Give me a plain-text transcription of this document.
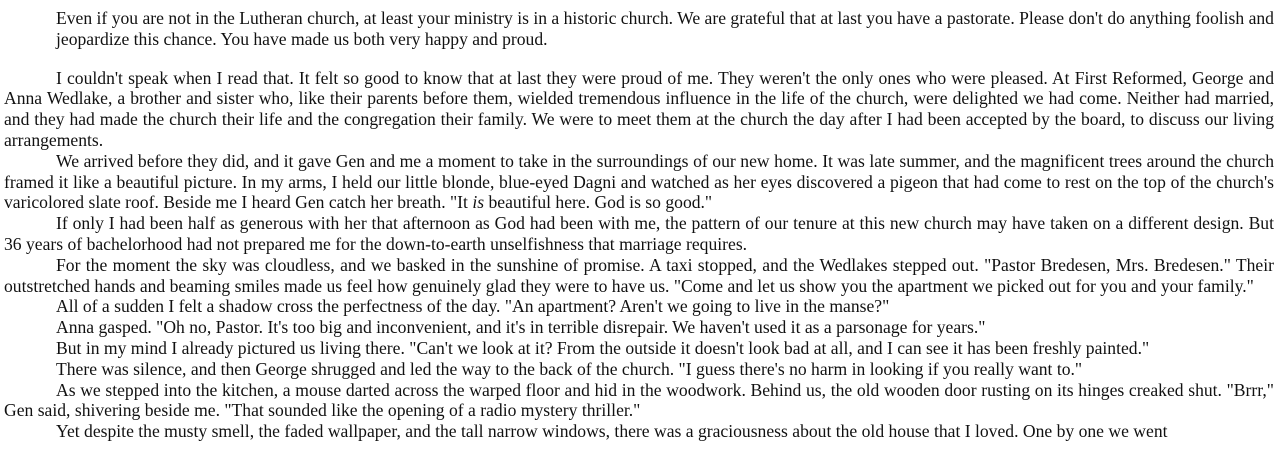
Even if you are not in the Lutheran church, at least your ministry is in a historic church. We are grateful that at last you have a pastorate. Please don't do anything foolish and jeopardize this chance. You have made us both very happy and proud.

I couldn't speak when I read that. It felt so good to know that at last they were proud of me. They weren't the only ones who were pleased. At First Reformed, George and Anna Wedlake, a brother and sister who, like their parents before them, wielded tremendous influence in the life of the church, were delighted we had come. Neither had married, and they had made the church their life and the congregation their family. We were to meet them at the church the day after I had been accepted by the board, to discuss our living arrangements.

We arrived before they did, and it gave Gen and me a moment to take in the surroundings of our new home. It was late summer, and the magnificent trees around the church framed it like a beautiful picture. In my arms, I held our little blonde, blue-eyed Dagni and watched as her eyes discovered a pigeon that had come to rest on the top of the church's varicolored slate roof. Beside me I heard Gen catch her breath. "It is beautiful here. God is so good."

If only I had been half as generous with her that afternoon as God had been with me, the pattern of our tenure at this new church may have taken on a different design. But 36 years of bachelorhood had not prepared me for the down-to-earth unselfishness that marriage requires.

For the moment the sky was cloudless, and we basked in the sunshine of promise. A taxi stopped, and the Wedlakes stepped out. "Pastor Bredesen, Mrs. Bredesen." Their outstretched hands and beaming smiles made us feel how genuinely glad they were to have us. "Come and let us show you the apartment we picked out for you and your family."

All of a sudden I felt a shadow cross the perfectness of the day. "An apartment? Aren't we going to live in the manse?"

Anna gasped. "Oh no, Pastor. It's too big and inconvenient, and it's in terrible disrepair. We haven't used it as a parsonage for years."

But in my mind I already pictured us living there. "Can't we look at it? From the outside it doesn't look bad at all, and I can see it has been freshly painted."

There was silence, and then George shrugged and led the way to the back of the church. "I guess there's no harm in looking if you really want to."

As we stepped into the kitchen, a mouse darted across the warped floor and hid in the woodwork. Behind us, the old wooden door rusting on its hinges creaked shut. "Brrr," Gen said, shivering beside me. "That sounded like the opening of a radio mystery thriller."

Yet despite the musty smell, the faded wallpaper, and the tall narrow windows, there was a graciousness about the old house that I loved. One by one we went
